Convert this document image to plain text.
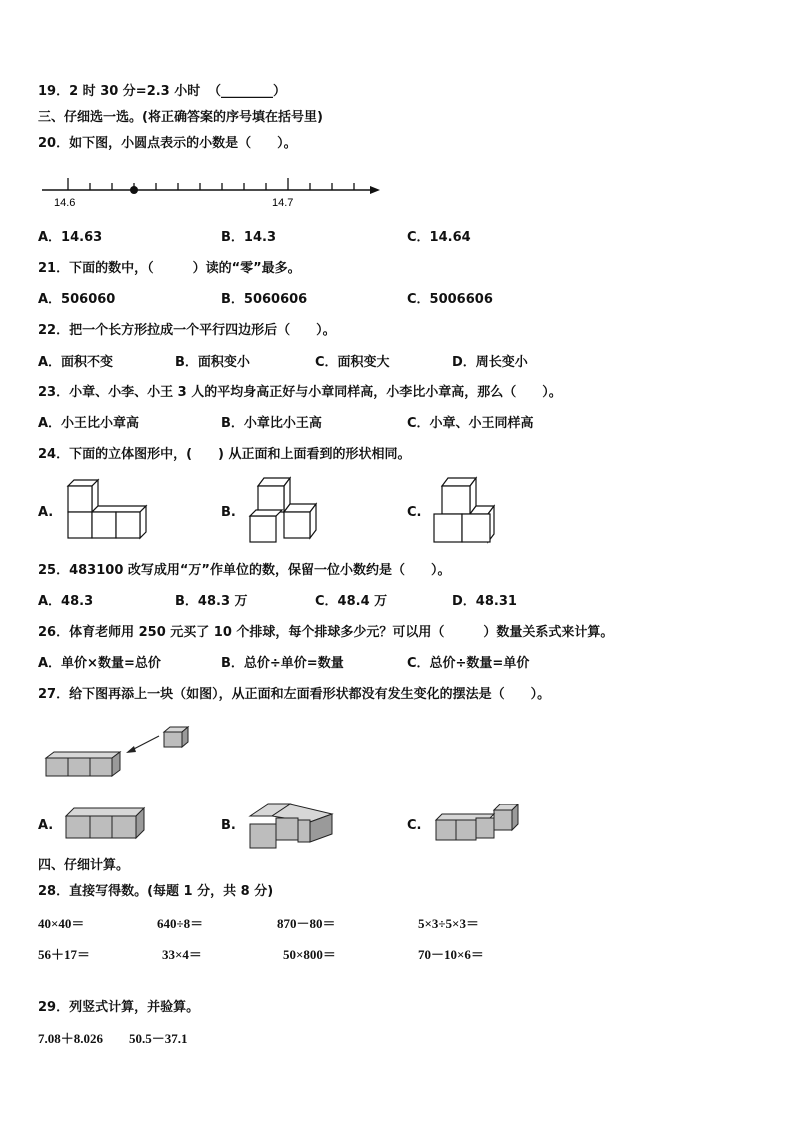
19．2 时 30 分=2.3 小时 （________）
三、仔细选一选。(将正确答案的序号填在括号里)
20．如下图，小圆点表示的小数是（　　）。
14.6	14.7
A．14.63	B．14.3	C．14.64
21．下面的数中，（　　　）读的“零”最多。
A．506060	B．5060606	C．5006606
22．把一个长方形拉成一个平行四边形后（　　）。
A．面积不变	B．面积变小	C．面积变大	D．周长变小
23．小章、小李、小王 3 人的平均身高正好与小章同样高，小李比小章高，那么（　　）。
A．小王比小章高	B．小章比小王高	C．小章、小王同样高
24．下面的立体图形中，(　　) 从正面和上面看到的形状相同。
A.	B.	C.
25．483100 改写成用“万”作单位的数，保留一位小数约是（　　）。
A．48.3	B．48.3 万	C．48.4 万	D．48.31
26．体育老师用 250 元买了 10 个排球，每个排球多少元？可以用（　　　）数量关系式来计算。
A．单价×数量=总价	B．总价÷单价=数量	C．总价÷数量=单价
27．给下图再添上一块（如图），从正面和左面看形状都没有发生变化的摆法是（　　）。
A.	B.	C.
四、仔细计算。
28．直接写得数。(每题 1 分，共 8 分)
40×40＝	640÷8＝	870－80＝	5×3÷5×3＝
56＋17＝	33×4＝	50×800＝	70－10×6＝
29．列竖式计算，并验算。
7.08＋8.026 50.5－37.1
